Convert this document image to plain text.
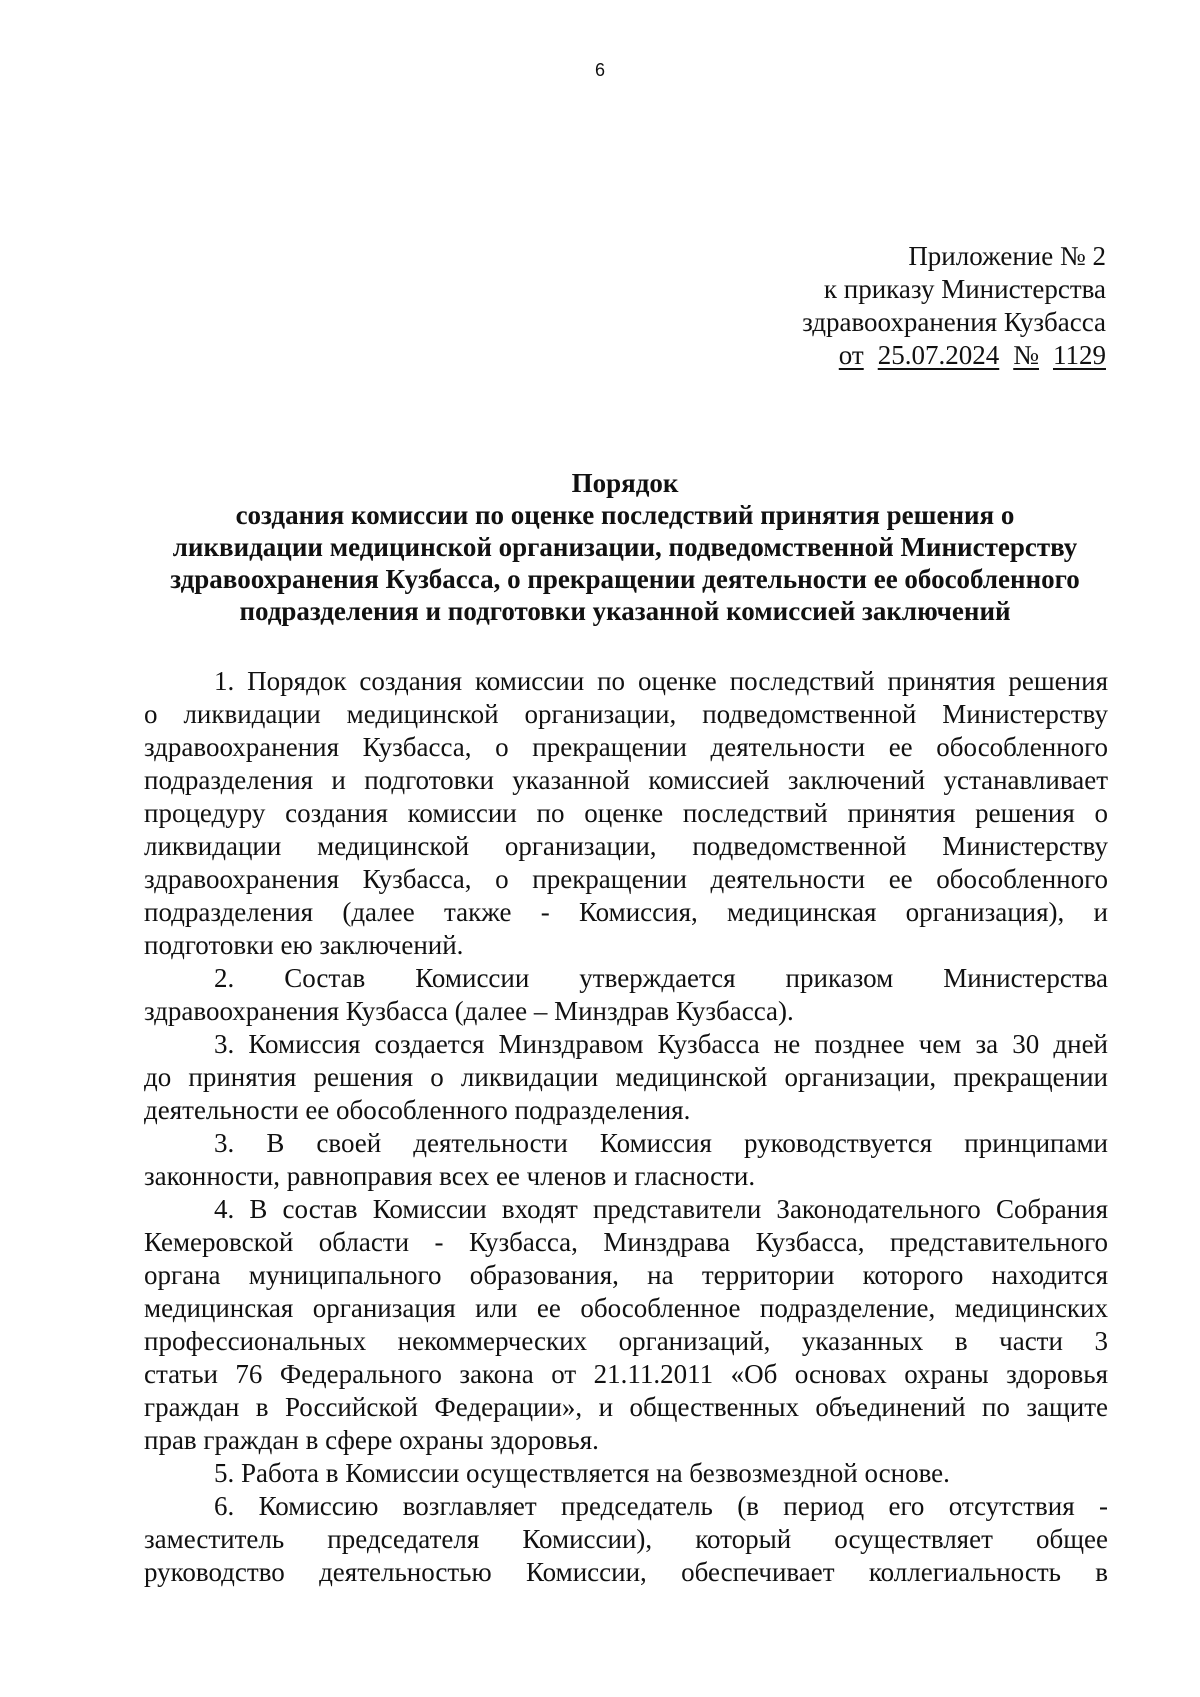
6
Приложение № 2
к приказу Министерства
здравоохранения Кузбасса
от 25.07.2024 № 1129
Порядок
создания комиссии по оценке последствий принятия решения о
ликвидации медицинской организации, подведомственной Министерству
здравоохранения Кузбасса, о прекращении деятельности ее обособленного
подразделения и подготовки указанной комиссией заключений
1. Порядок создания комиссии по оценке последствий принятия решения
о ликвидации медицинской организации, подведомственной Министерству
здравоохранения Кузбасса, о прекращении деятельности ее обособленного
подразделения и подготовки указанной комиссией заключений устанавливает
процедуру создания комиссии по оценке последствий принятия решения о
ликвидации медицинской организации, подведомственной Министерству
здравоохранения Кузбасса, о прекращении деятельности ее обособленного
подразделения (далее также - Комиссия, медицинская организация), и
подготовки ею заключений.
2. Состав Комиссии утверждается приказом Министерства
здравоохранения Кузбасса (далее – Минздрав Кузбасса).
3. Комиссия создается Минздравом Кузбасса не позднее чем за 30 дней
до принятия решения о ликвидации медицинской организации, прекращении
деятельности ее обособленного подразделения.
3. В своей деятельности Комиссия руководствуется принципами
законности, равноправия всех ее членов и гласности.
4. В состав Комиссии входят представители Законодательного Собрания
Кемеровской области - Кузбасса, Минздрава Кузбасса, представительного
органа муниципального образования, на территории которого находится
медицинская организация или ее обособленное подразделение, медицинских
профессиональных некоммерческих организаций, указанных в части 3
статьи 76 Федерального закона от 21.11.2011 «Об основах охраны здоровья
граждан в Российской Федерации», и общественных объединений по защите
прав граждан в сфере охраны здоровья.
5. Работа в Комиссии осуществляется на безвозмездной основе.
6. Комиссию возглавляет председатель (в период его отсутствия -
заместитель председателя Комиссии), который осуществляет общее
руководство деятельностью Комиссии, обеспечивает коллегиальность в
